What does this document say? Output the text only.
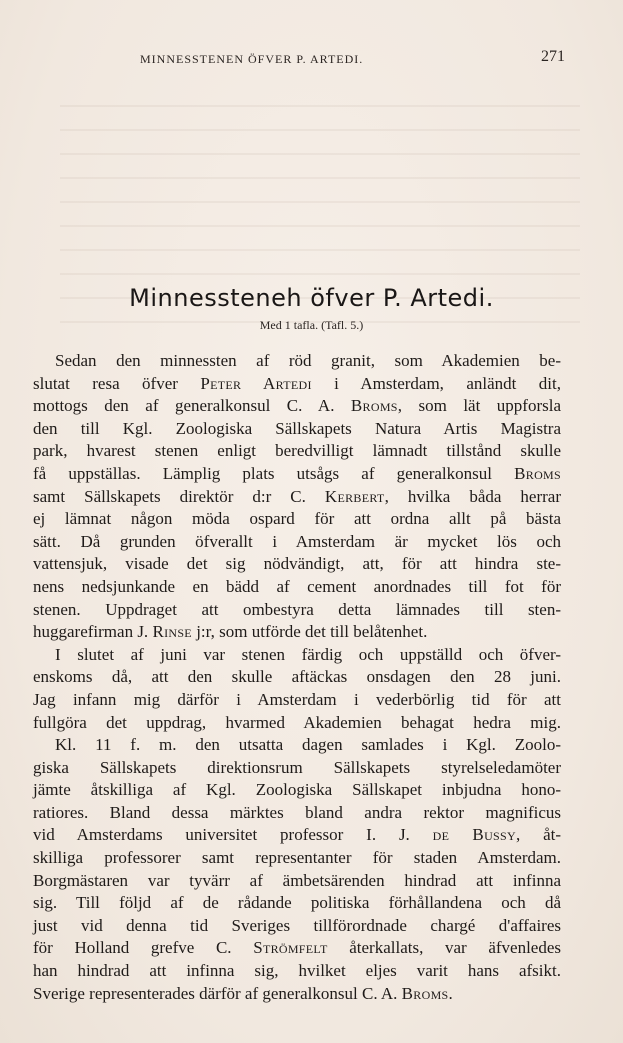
MINNESSTENEN ÖFVER P. ARTEDI.	271
Minnessteneh öfver P. Artedi.
Med 1 tafla. (Tafl. 5.)
Sedan den minnessten af röd granit, som Akademien be-
slutat resa öfver Peter Artedi i Amsterdam, anländt dit,
mottogs den af generalkonsul C. A. Broms, som lät uppforsla
den till Kgl. Zoologiska Sällskapets Natura Artis Magistra
park, hvarest stenen enligt beredvilligt lämnadt tillstånd skulle
få uppställas. Lämplig plats utsågs af generalkonsul Broms
samt Sällskapets direktör d:r C. Kerbert, hvilka båda herrar
ej lämnat någon möda ospard för att ordna allt på bästa
sätt. Då grunden öfverallt i Amsterdam är mycket lös och
vattensjuk, visade det sig nödvändigt, att, för att hindra ste-
nens nedsjunkande en bädd af cement anordnades till fot för
stenen. Uppdraget att ombestyra detta lämnades till sten-
huggarefirman J. Rinse j:r, som utförde det till belåtenhet.
I slutet af juni var stenen färdig och uppställd och öfver-
enskoms då, att den skulle aftäckas onsdagen den 28 juni.
Jag infann mig därför i Amsterdam i vederbörlig tid för att
fullgöra det uppdrag, hvarmed Akademien behagat hedra mig.
Kl. 11 f. m. den utsatta dagen samlades i Kgl. Zoolo-
giska Sällskapets direktionsrum Sällskapets styrelseledamöter
jämte åtskilliga af Kgl. Zoologiska Sällskapet inbjudna hono-
ratiores. Bland dessa märktes bland andra rektor magnificus
vid Amsterdams universitet professor I. J. de Bussy, åt-
skilliga professorer samt representanter för staden Amsterdam.
Borgmästaren var tyvärr af ämbetsärenden hindrad att infinna
sig. Till följd af de rådande politiska förhållandena och då
just vid denna tid Sveriges tillförordnade chargé d'affaires
för Holland grefve C. Strömfelt återkallats, var äfvenledes
han hindrad att infinna sig, hvilket eljes varit hans afsikt.
Sverige representerades därför af generalkonsul C. A. Broms.
